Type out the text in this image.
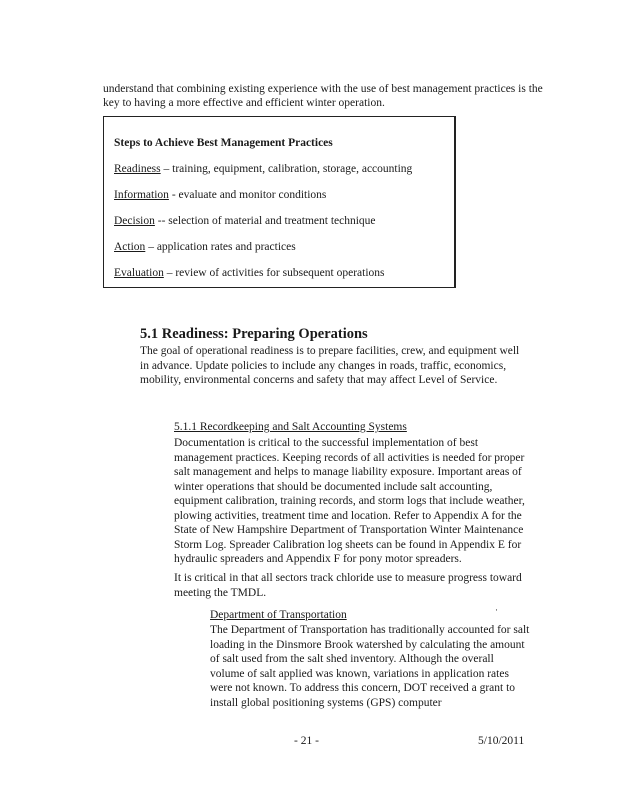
understand that combining existing experience with the use of best management practices is the key to having a more effective and efficient winter operation.
Steps to Achieve Best Management Practices
Readiness – training, equipment, calibration, storage, accounting
Information - evaluate and monitor conditions
Decision -- selection of material and treatment technique
Action – application rates and practices
Evaluation – review of activities for subsequent operations
5.1 Readiness: Preparing Operations
The goal of operational readiness is to prepare facilities, crew, and equipment well in advance. Update policies to include any changes in roads, traffic, economics, mobility, environmental concerns and safety that may affect Level of Service.
5.1.1 Recordkeeping and Salt Accounting Systems
Documentation is critical to the successful implementation of best management practices. Keeping records of all activities is needed for proper salt management and helps to manage liability exposure. Important areas of winter operations that should be documented include salt accounting, equipment calibration, training records, and storm logs that include weather, plowing activities, treatment time and location. Refer to Appendix A for the State of New Hampshire Department of Transportation Winter Maintenance Storm Log. Spreader Calibration log sheets can be found in Appendix E for hydraulic spreaders and Appendix F for pony motor spreaders.
It is critical in that all sectors track chloride use to measure progress toward meeting the TMDL.
Department of Transportation	·
The Department of Transportation has traditionally accounted for salt loading in the Dinsmore Brook watershed by calculating the amount of salt used from the salt shed inventory. Although the overall volume of salt applied was known, variations in application rates were not known. To address this concern, DOT received a grant to install global positioning systems (GPS) computer
- 21 -	5/10/2011
